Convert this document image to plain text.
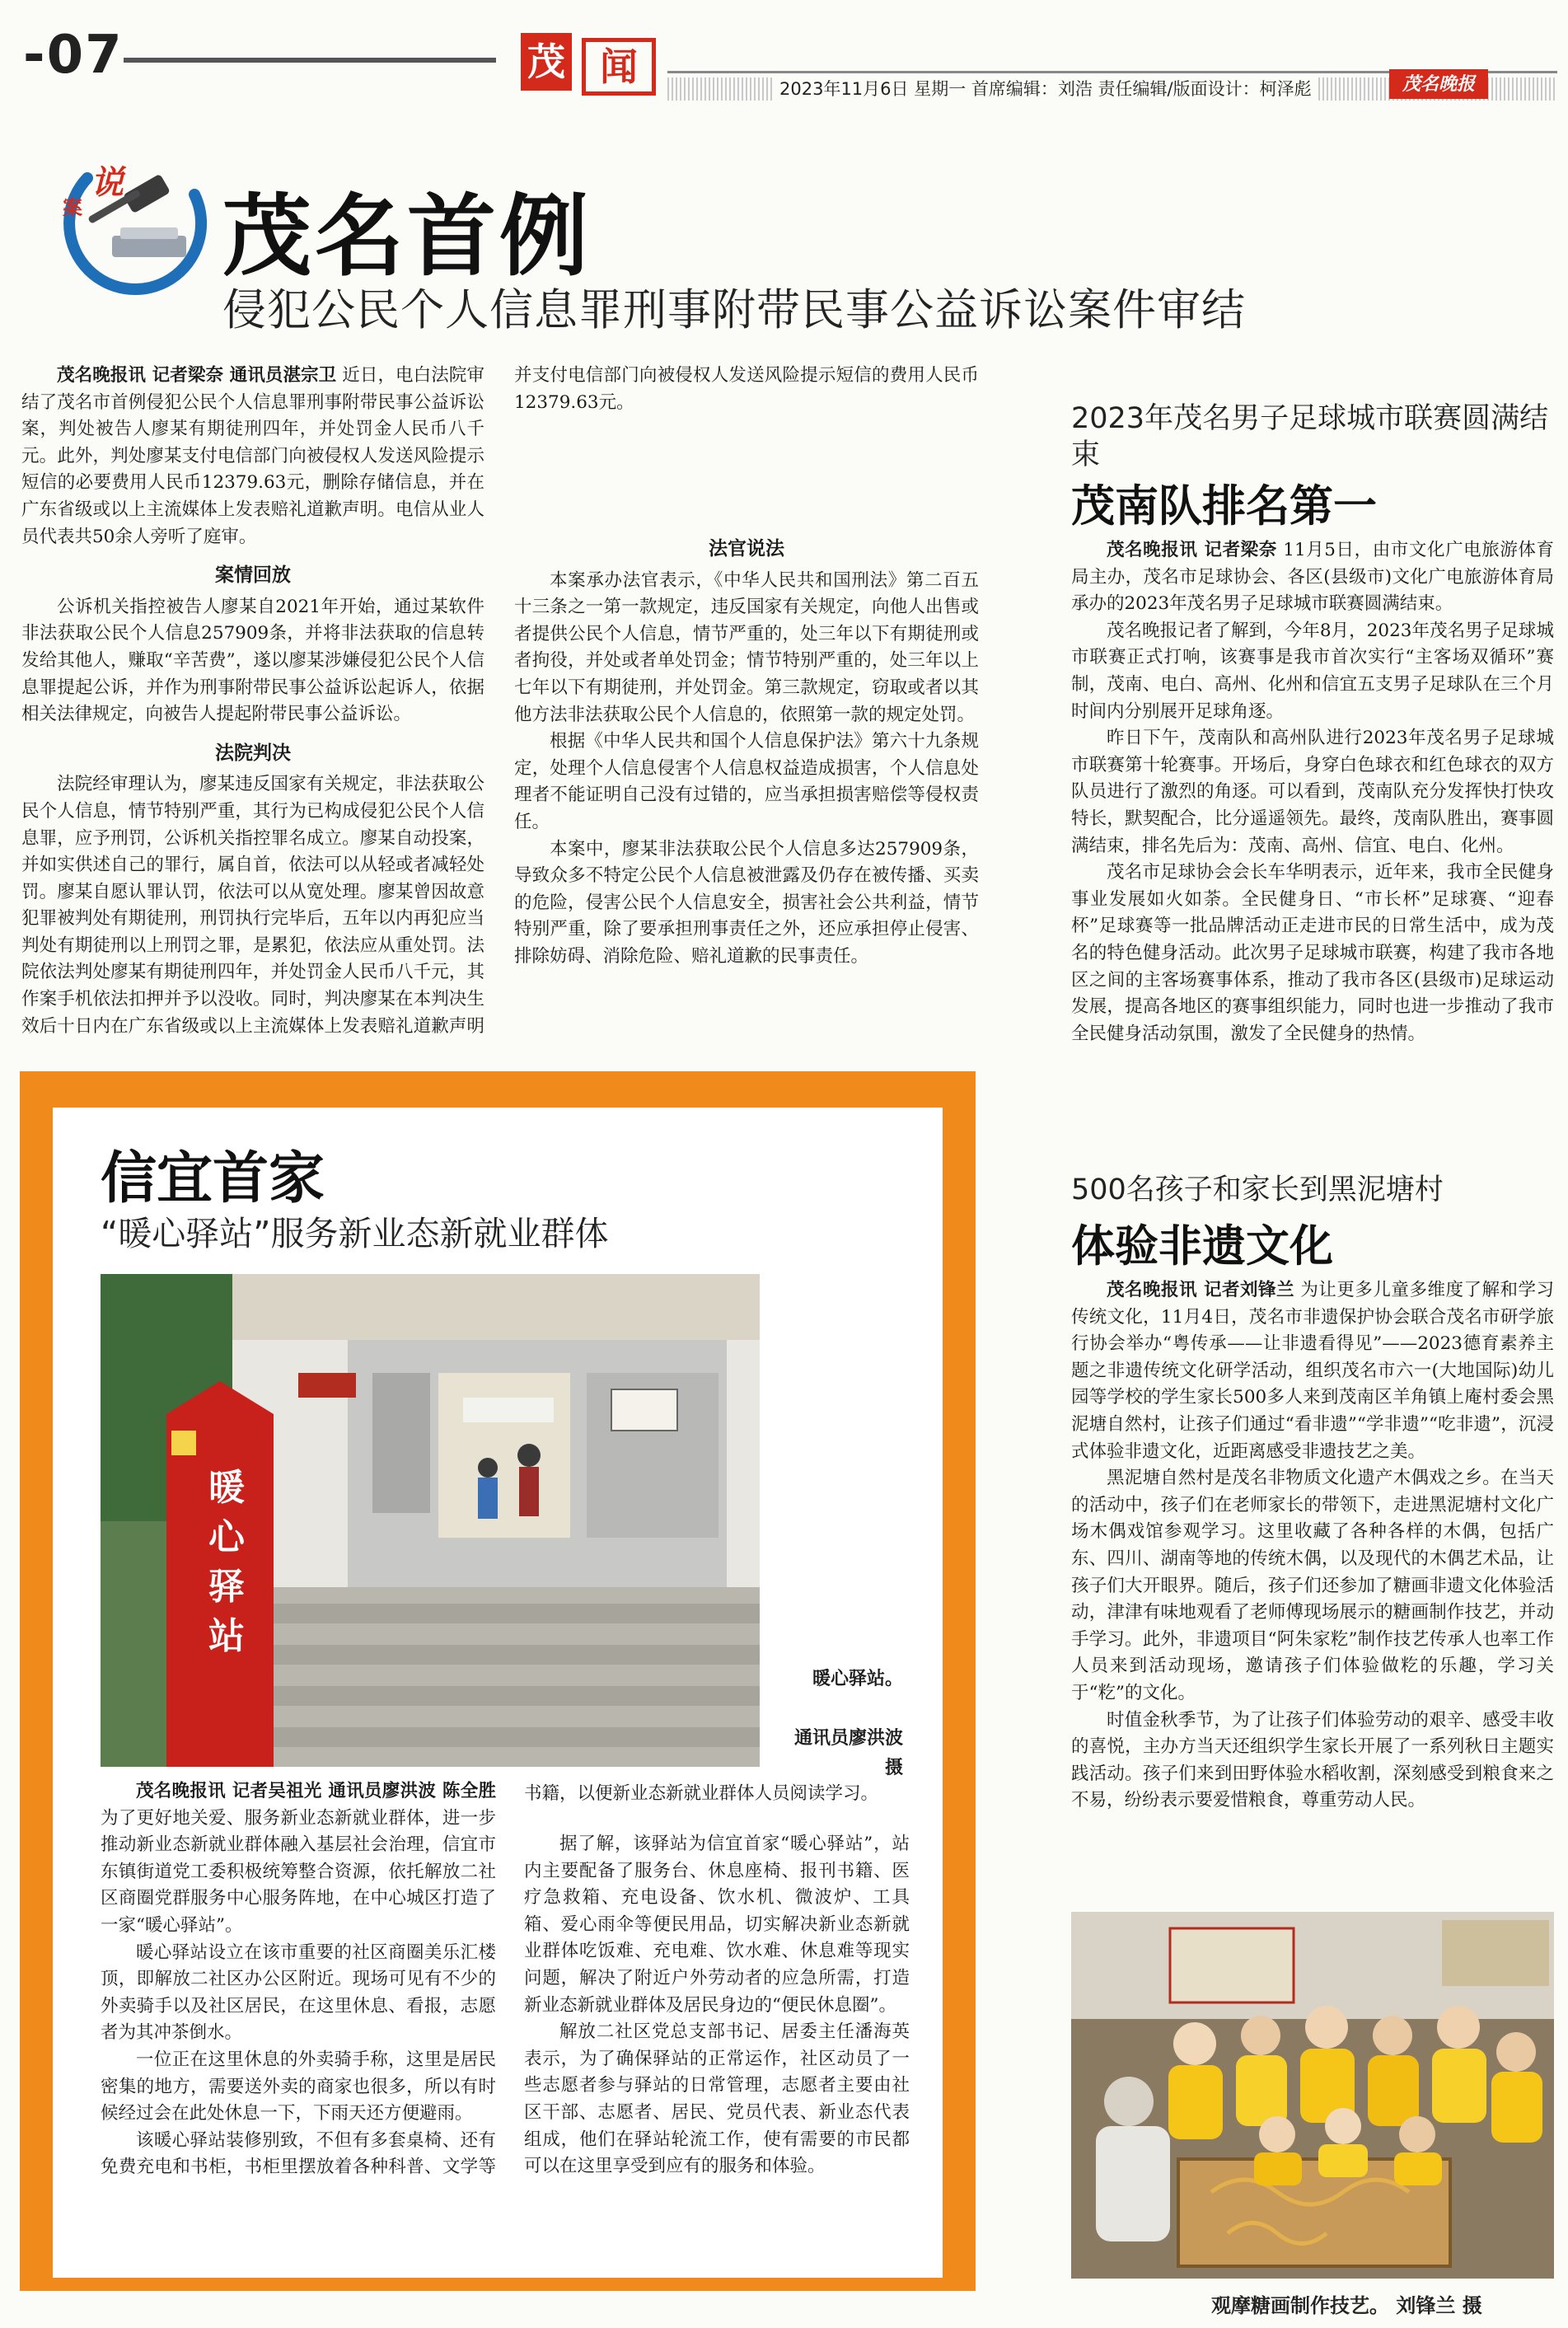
-07	茂 闻	2023年11月6日 星期一 首席编辑：刘浩 责任编辑/版面设计：柯泽彪	茂名晚报
说
案 茂名首例
侵犯公民个人信息罪刑事附带民事公益诉讼案件审结

茂名晚报讯 记者梁奈 通讯员湛宗卫 近日，电白法院审结了茂名市首例侵犯公民个人信息罪刑事附带民事公益诉讼案，判处被告人廖某有期徒刑四年，并处罚金人民币八千元。此外，判处廖某支付电信部门向被侵权人发送风险提示短信的必要费用人民币12379.63元，删除存储信息，并在广东省级或以上主流媒体上发表赔礼道歉声明。电信从业人员代表共50余人旁听了庭审。

案情回放

公诉机关指控被告人廖某自2021年开始，通过某软件非法获取公民个人信息257909条，并将非法获取的信息转发给其他人，赚取“辛苦费”，遂以廖某涉嫌侵犯公民个人信息罪提起公诉，并作为刑事附带民事公益诉讼起诉人，依据相关法律规定，向被告人提起附带民事公益诉讼。

法院判决

法院经审理认为，廖某违反国家有关规定，非法获取公民个人信息，情节特别严重，其行为已构成侵犯公民个人信息罪，应予刑罚，公诉机关指控罪名成立。廖某自动投案，并如实供述自己的罪行，属自首，依法可以从轻或者减轻处罚。廖某自愿认罪认罚，依法可以从宽处理。廖某曾因故意犯罪被判处有期徒刑，刑罚执行完毕后，五年以内再犯应当判处有期徒刑以上刑罚之罪，是累犯，依法应从重处罚。法院依法判处廖某有期徒刑四年，并处罚金人民币八千元，其作案手机依法扣押并予以没收。同时，判决廖某在本判决生效后十日内在广东省级或以上主流媒体上发表赔礼道歉声明

并支付电信部门向被侵权人发送风险提示短信的费用人民币12379.63元。

法官说法

本案承办法官表示，《中华人民共和国刑法》第二百五十三条之一第一款规定，违反国家有关规定，向他人出售或者提供公民个人信息，情节严重的，处三年以下有期徒刑或者拘役，并处或者单处罚金；情节特别严重的，处三年以上七年以下有期徒刑，并处罚金。第三款规定，窃取或者以其他方法非法获取公民个人信息的，依照第一款的规定处罚。

根据《中华人民共和国个人信息保护法》第六十九条规定，处理个人信息侵害个人信息权益造成损害，个人信息处理者不能证明自己没有过错的，应当承担损害赔偿等侵权责任。

本案中，廖某非法获取公民个人信息多达257909条，导致众多不特定公民个人信息被泄露及仍存在被传播、买卖的危险，侵害公民个人信息安全，损害社会公共利益，情节特别严重，除了要承担刑事责任之外，还应承担停止侵害、排除妨碍、消除危险、赔礼道歉的民事责任。

2023年茂名男子足球城市联赛圆满结束
茂南队排名第一

茂名晚报讯 记者梁奈 11月5日，由市文化广电旅游体育局主办，茂名市足球协会、各区(县级市)文化广电旅游体育局承办的2023年茂名男子足球城市联赛圆满结束。

茂名晚报记者了解到，今年8月，2023年茂名男子足球城市联赛正式打响，该赛事是我市首次实行“主客场双循环”赛制，茂南、电白、高州、化州和信宜五支男子足球队在三个月时间内分别展开足球角逐。

昨日下午，茂南队和高州队进行2023年茂名男子足球城市联赛第十轮赛事。开场后，身穿白色球衣和红色球衣的双方队员进行了激烈的角逐。可以看到，茂南队充分发挥快打快攻特长，默契配合，比分遥遥领先。最终，茂南队胜出，赛事圆满结束，排名先后为：茂南、高州、信宜、电白、化州。

茂名市足球协会会长车华明表示，近年来，我市全民健身事业发展如火如荼。全民健身日、“市长杯”足球赛、“迎春杯”足球赛等一批品牌活动正走进市民的日常生活中，成为茂名的特色健身活动。此次男子足球城市联赛，构建了我市各地区之间的主客场赛事体系，推动了我市各区(县级市)足球运动发展，提高各地区的赛事组织能力，同时也进一步推动了我市全民健身活动氛围，激发了全民健身的热情。

500名孩子和家长到黑泥塘村
体验非遗文化

茂名晚报讯 记者刘锋兰 为让更多儿童多维度了解和学习传统文化，11月4日，茂名市非遗保护协会联合茂名市研学旅行协会举办“粤传承——让非遗看得见”——2023德育素养主题之非遗传统文化研学活动，组织茂名市六一(大地国际)幼儿园等学校的学生家长500多人来到茂南区羊角镇上庵村委会黑泥塘自然村，让孩子们通过“看非遗”“学非遗”“吃非遗”，沉浸式体验非遗文化，近距离感受非遗技艺之美。

黑泥塘自然村是茂名非物质文化遗产木偶戏之乡。在当天的活动中，孩子们在老师家长的带领下，走进黑泥塘村文化广场木偶戏馆参观学习。这里收藏了各种各样的木偶，包括广东、四川、湖南等地的传统木偶，以及现代的木偶艺术品，让孩子们大开眼界。随后，孩子们还参加了糖画非遗文化体验活动，津津有味地观看了老师傅现场展示的糖画制作技艺，并动手学习。此外，非遗项目“阿朱家籺”制作技艺传承人也率工作人员来到活动现场，邀请孩子们体验做籺的乐趣，学习关于“籺”的文化。

时值金秋季节，为了让孩子们体验劳动的艰辛、感受丰收的喜悦，主办方当天还组织学生家长开展了一系列秋日主题实践活动。孩子们来到田野体验水稻收割，深刻感受到粮食来之不易，纷纷表示要爱惜粮食，尊重劳动人民。

观摩糖画制作技艺。 刘锋兰 摄
信宜首家
“暖心驿站”服务新业态新就业群体
暖心驿站
暖心驿站。
通讯员廖洪波 摄

茂名晚报讯 记者吴祖光 通讯员廖洪波 陈全胜 为了更好地关爱、服务新业态新就业群体，进一步推动新业态新就业群体融入基层社会治理，信宜市东镇街道党工委积极统筹整合资源，依托解放二社区商圈党群服务中心服务阵地，在中心城区打造了一家“暖心驿站”。

暖心驿站设立在该市重要的社区商圈美乐汇楼顶，即解放二社区办公区附近。现场可见有不少的外卖骑手以及社区居民，在这里休息、看报，志愿者为其冲茶倒水。

一位正在这里休息的外卖骑手称，这里是居民密集的地方，需要送外卖的商家也很多，所以有时候经过会在此处休息一下，下雨天还方便避雨。

该暖心驿站装修别致，不但有多套桌椅、还有免费充电和书柜，书柜里摆放着各种科普、文学等

书籍，以便新业态新就业群体人员阅读学习。

据了解，该驿站为信宜首家“暖心驿站”，站内主要配备了服务台、休息座椅、报刊书籍、医疗急救箱、充电设备、饮水机、微波炉、工具箱、爱心雨伞等便民用品，切实解决新业态新就业群体吃饭难、充电难、饮水难、休息难等现实问题，解决了附近户外劳动者的应急所需，打造新业态新就业群体及居民身边的“便民休息圈”。

解放二社区党总支部书记、居委主任潘海英表示，为了确保驿站的正常运作，社区动员了一些志愿者参与驿站的日常管理，志愿者主要由社区干部、志愿者、居民、党员代表、新业态代表组成，他们在驿站轮流工作，使有需要的市民都可以在这里享受到应有的服务和体验。
